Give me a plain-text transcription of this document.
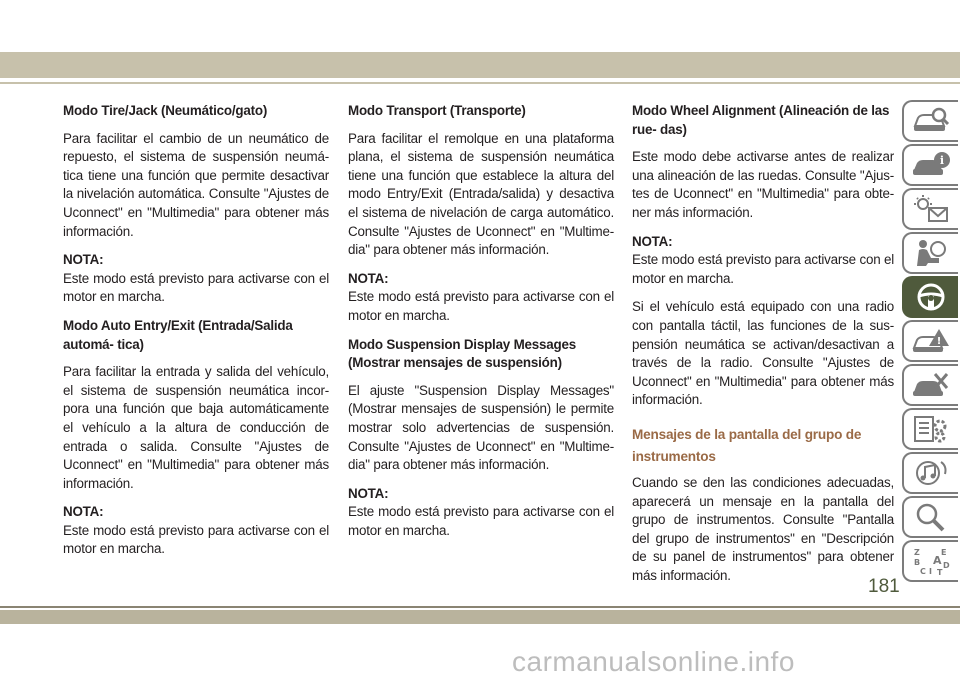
Modo Tire/Jack (Neumático/gato)

Para facilitar el cambio de un neumático de repuesto, el sistema de suspensión neumá- tica tiene una función que permite desactivar la nivelación automática. Consulte "Ajustes de Uconnect" en "Multimedia" para obtener más información.

NOTA:
Este modo está previsto para activarse con el motor en marcha.

Modo Auto Entry/Exit (Entrada/Salida automá- tica)

Para facilitar la entrada y salida del vehículo, el sistema de suspensión neumática incor- pora una función que baja automáticamente el vehículo a la altura de conducción de entrada o salida. Consulte "Ajustes de Uconnect" en "Multimedia" para obtener más información.

NOTA:
Este modo está previsto para activarse con el motor en marcha.

Modo Transport (Transporte)

Para facilitar el remolque en una plataforma plana, el sistema de suspensión neumática tiene una función que establece la altura del modo Entry/Exit (Entrada/salida) y desactiva el sistema de nivelación de carga automático. Consulte "Ajustes de Uconnect" en "Multime- dia" para obtener más información.

NOTA:
Este modo está previsto para activarse con el motor en marcha.

Modo Suspension Display Messages (Mostrar mensajes de suspensión)

El ajuste "Suspension Display Messages" (Mostrar mensajes de suspensión) le permite mostrar solo advertencias de suspensión. Consulte "Ajustes de Uconnect" en "Multime- dia" para obtener más información.

NOTA:
Este modo está previsto para activarse con el motor en marcha.

Modo Wheel Alignment (Alineación de las rue- das)

Este modo debe activarse antes de realizar una alineación de las ruedas. Consulte "Ajus- tes de Uconnect" en "Multimedia" para obte- ner más información.

NOTA:
Este modo está previsto para activarse con el motor en marcha.

Si el vehículo está equipado con una radio con pantalla táctil, las funciones de la sus- pensión neumática se activan/desactivan a través de la radio. Consulte "Ajustes de Uconnect" en "Multimedia" para obtener más información.

Mensajes de la pantalla del grupo de instrumentos

Cuando se den las condiciones adecuadas, aparecerá un mensaje en la pantalla del grupo de instrumentos. Consulte "Pantalla del grupo de instrumentos" en "Descripción de su panel de instrumentos" para obtener más información.

i
!
Z	E
B A
C
D
I T
181
carmanualsonline.info
